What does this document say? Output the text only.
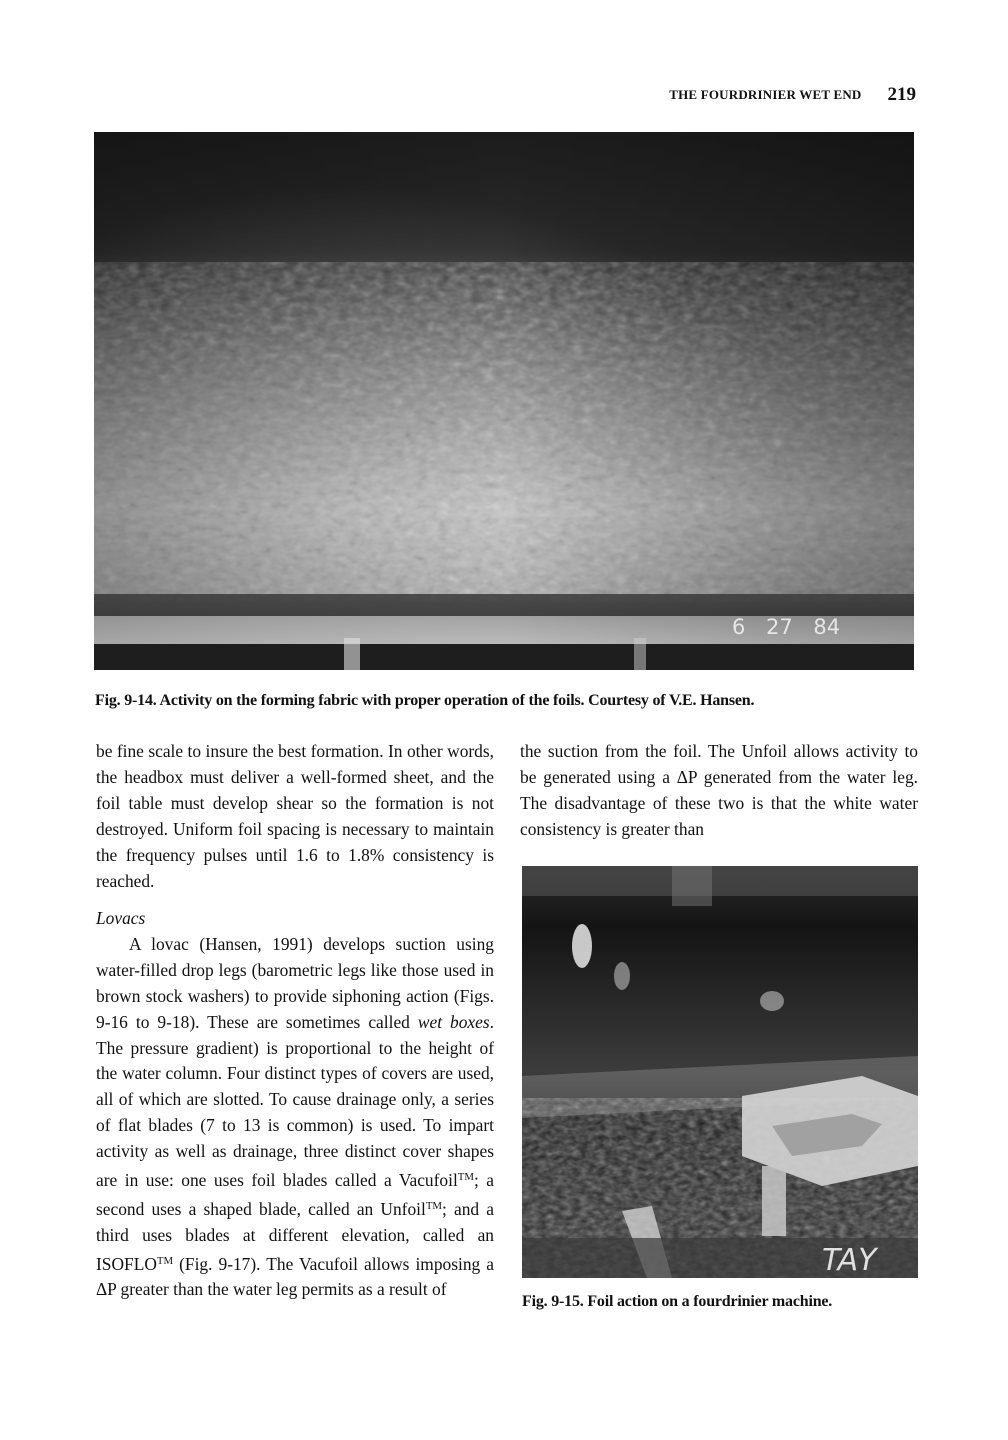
THE FOURDRINIER WET END 219
6 27 84
Fig. 9-14. Activity on the forming fabric with proper operation of the foils. Courtesy of V.E. Hansen.

be fine scale to insure the best formation. In other words, the headbox must deliver a well-formed sheet, and the foil table must develop shear so the formation is not destroyed. Uniform foil spacing is necessary to maintain the frequency pulses until 1.6 to 1.8% consistency is reached.

the suction from the foil. The Unfoil allows activity to be generated using a ΔP generated from the water leg. The disadvantage of these two is that the white water consistency is greater than

Lovacs

A lovac (Hansen, 1991) develops suction using water-filled drop legs (barometric legs like those used in brown stock washers) to provide siphoning action (Figs. 9-16 to 9-18). These are sometimes called wet boxes. The pressure gradient) is proportional to the height of the water column. Four distinct types of covers are used, all of which are slotted. To cause drainage only, a series of flat blades (7 to 13 is common) is used. To impart activity as well as drainage, three distinct cover shapes are in use: one uses foil blades called a Vacufoil™; a second uses a shaped blade, called an Unfoil™; and a third uses blades at different elevation, called an ISOFLO™ (Fig. 9-17). The Vacufoil allows imposing a ΔP greater than the water leg permits as a result of

TAY
Fig. 9-15. Foil action on a fourdrinier machine.
